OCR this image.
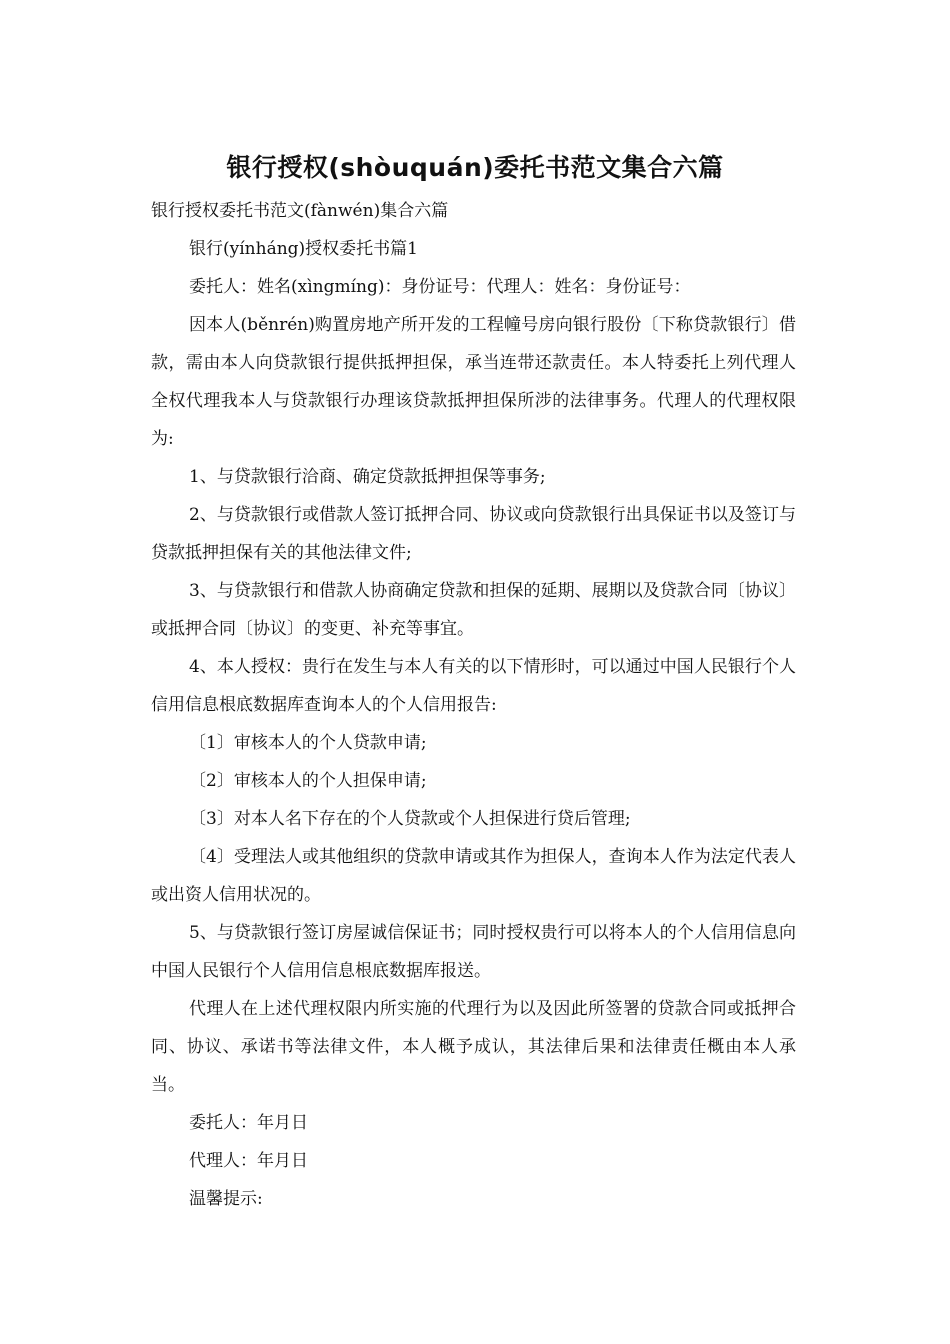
银行授权(shòuquán)委托书范文集合六篇

银行授权委托书范文(fànwén)集合六篇

银行(yínháng)授权委托书篇1

委托人：姓名(xìngmíng)：身份证号：代理人：姓名：身份证号：

因本人(běnrén)购置房地产所开发的工程幢号房向银行股份〔下称贷款银行〕借款，需由本人向贷款银行提供抵押担保，承当连带还款责任。本人特委托上列代理人全权代理我本人与贷款银行办理该贷款抵押担保所涉的法律事务。代理人的代理权限为:

1、与贷款银行洽商、确定贷款抵押担保等事务;

2、与贷款银行或借款人签订抵押合同、协议或向贷款银行出具保证书以及签订与贷款抵押担保有关的其他法律文件;

3、与贷款银行和借款人协商确定贷款和担保的延期、展期以及贷款合同〔协议〕或抵押合同〔协议〕的变更、补充等事宜。

4、本人授权：贵行在发生与本人有关的以下情形时，可以通过中国人民银行个人信用信息根底数据库查询本人的个人信用报告:

〔1〕审核本人的个人贷款申请;

〔2〕审核本人的个人担保申请;

〔3〕对本人名下存在的个人贷款或个人担保进行贷后管理;

〔4〕受理法人或其他组织的贷款申请或其作为担保人，查询本人作为法定代表人或出资人信用状况的。

5、与贷款银行签订房屋诚信保证书；同时授权贵行可以将本人的个人信用信息向中国人民银行个人信用信息根底数据库报送。

代理人在上述代理权限内所实施的代理行为以及因此所签署的贷款合同或抵押合同、协议、承诺书等法律文件，本人概予成认，其法律后果和法律责任概由本人承当。

委托人：年月日

代理人：年月日

温馨提示:
